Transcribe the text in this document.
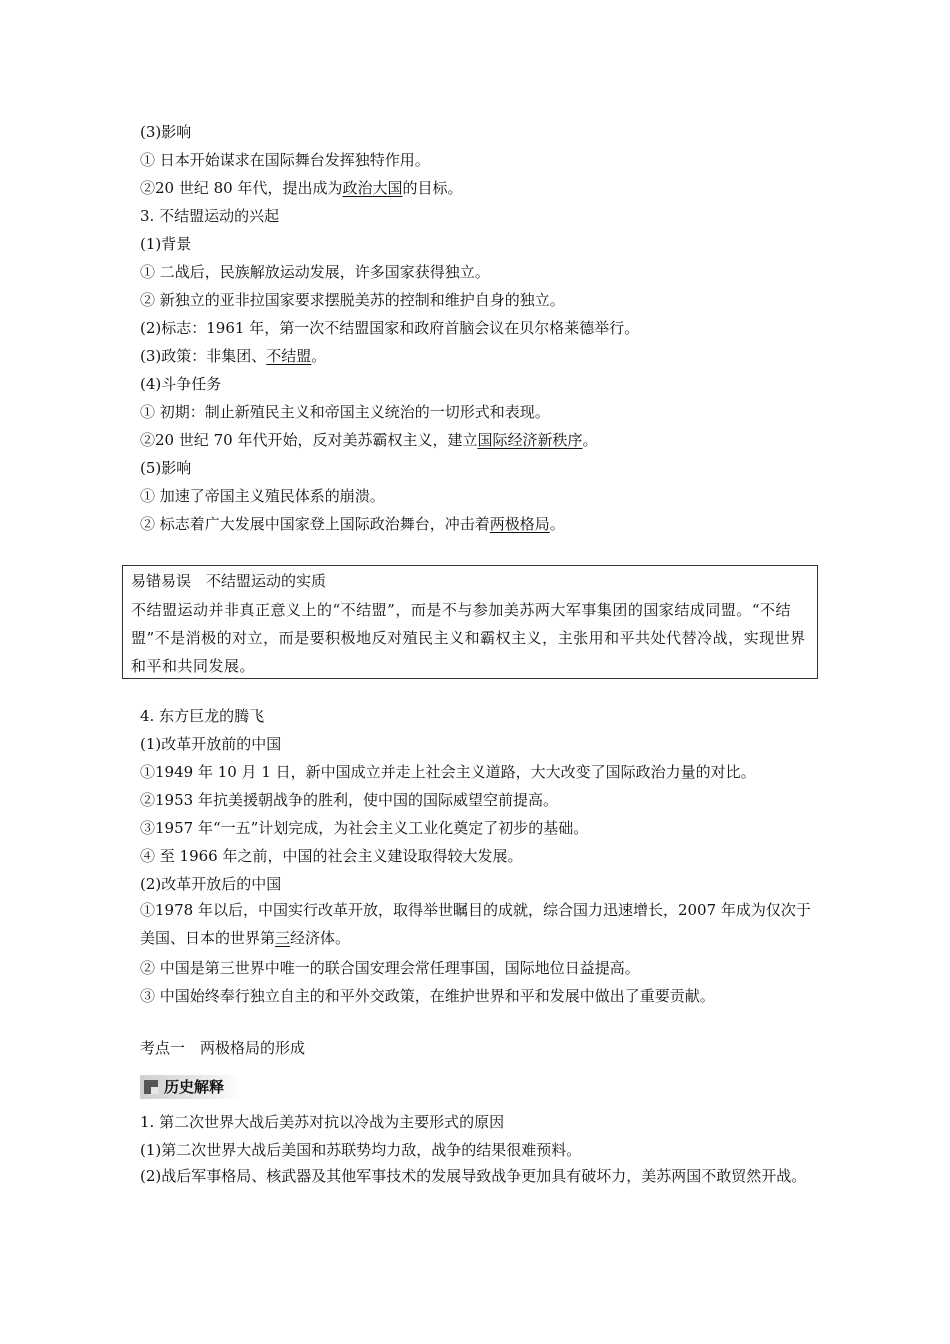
(3)影响
① 日本开始谋求在国际舞台发挥独特作用。
②20 世纪 80 年代，提出成为政治大国的目标。
3. 不结盟运动的兴起
(1)背景
① 二战后，民族解放运动发展，许多国家获得独立。
② 新独立的亚非拉国家要求摆脱美苏的控制和维护自身的独立。
(2)标志：1961 年，第一次不结盟国家和政府首脑会议在贝尔格莱德举行。
(3)政策：非集团、不结盟。
(4)斗争任务
① 初期：制止新殖民主义和帝国主义统治的一切形式和表现。
②20 世纪 70 年代开始，反对美苏霸权主义，建立国际经济新秩序。
(5)影响
① 加速了帝国主义殖民体系的崩溃。
② 标志着广大发展中国家登上国际政治舞台，冲击着两极格局。
易错易误　不结盟运动的实质
不结盟运动并非真正意义上的“不结盟”，而是不与参加美苏两大军事集团的国家结成同盟。“不结盟”不是消极的对立，而是要积极地反对殖民主义和霸权主义，主张用和平共处代替冷战，实现世界和平和共同发展。
4. 东方巨龙的腾飞
(1)改革开放前的中国
①1949 年 10 月 1 日，新中国成立并走上社会主义道路，大大改变了国际政治力量的对比。
②1953 年抗美援朝战争的胜利，使中国的国际威望空前提高。
③1957 年“一五”计划完成，为社会主义工业化奠定了初步的基础。
④ 至 1966 年之前，中国的社会主义建设取得较大发展。
(2)改革开放后的中国
①1978 年以后，中国实行改革开放，取得举世瞩目的成就，综合国力迅速增长，2007 年成为仅次于美国、日本的世界第三经济体。
② 中国是第三世界中唯一的联合国安理会常任理事国，国际地位日益提高。
③ 中国始终奉行独立自主的和平外交政策，在维护世界和平和发展中做出了重要贡献。
考点一　两极格局的形成
历史解释
1. 第二次世界大战后美苏对抗以冷战为主要形式的原因
(1)第二次世界大战后美国和苏联势均力敌，战争的结果很难预料。
(2)战后军事格局、核武器及其他军事技术的发展导致战争更加具有破坏力，美苏两国不敢贸然开战。
